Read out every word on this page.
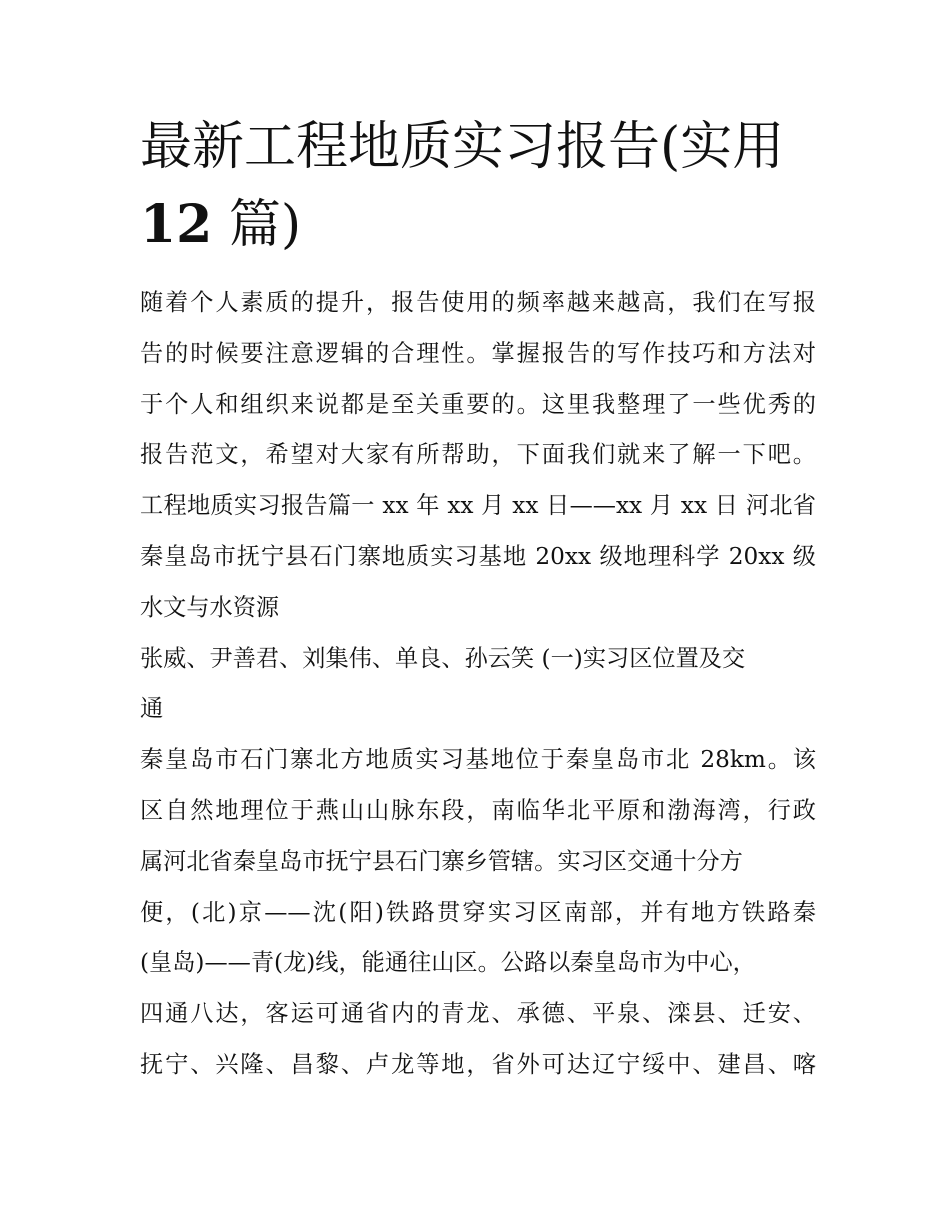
最新工程地质实习报告(实用
12 篇)
随着个人素质的提升，报告使用的频率越来越高，我们在写报
告的时候要注意逻辑的合理性。掌握报告的写作技巧和方法对
于个人和组织来说都是至关重要的。这里我整理了一些优秀的
报告范文，希望对大家有所帮助，下面我们就来了解一下吧。
工程地质实习报告篇一 xx 年 xx 月 xx 日——xx 月 xx 日 河北省
秦皇岛市抚宁县石门寨地质实习基地 20xx 级地理科学 20xx 级
水文与水资源
张威、尹善君、刘集伟、单良、孙云笑 (一)实习区位置及交
通
秦皇岛市石门寨北方地质实习基地位于秦皇岛市北 28km。该
区自然地理位于燕山山脉东段，南临华北平原和渤海湾，行政
属河北省秦皇岛市抚宁县石门寨乡管辖。实习区交通十分方
便，(北)京——沈(阳)铁路贯穿实习区南部，并有地方铁路秦
(皇岛)——青(龙)线，能通往山区。公路以秦皇岛市为中心，
四通八达，客运可通省内的青龙、承德、平泉、滦县、迁安、
抚宁、兴隆、昌黎、卢龙等地，省外可达辽宁绥中、建昌、喀
